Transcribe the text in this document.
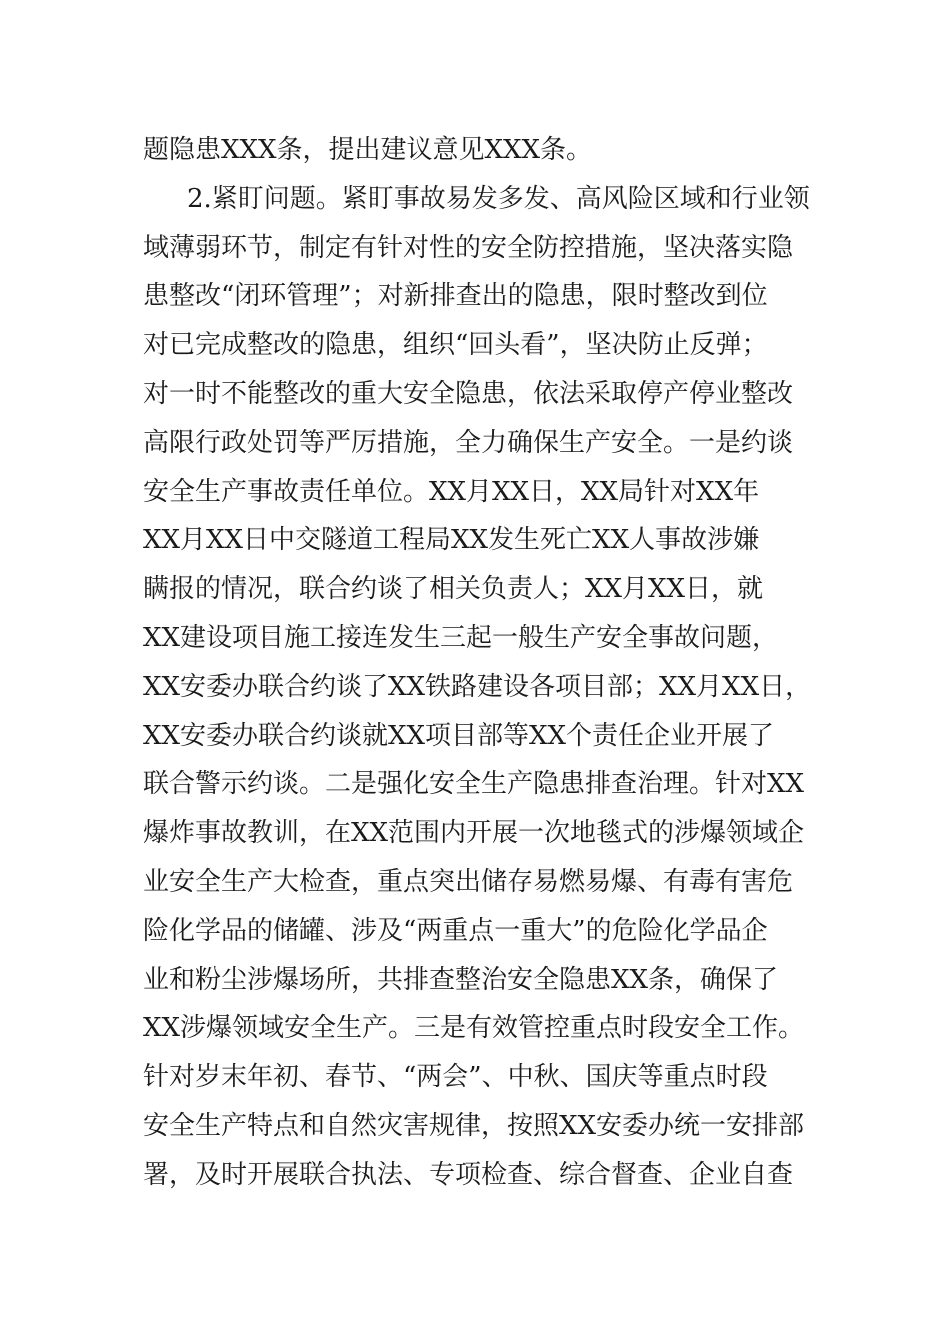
题隐患XXX条，提出建议意见XXX条。
2.紧盯问题。紧盯事故易发多发、高风险区域和行业领
域薄弱环节，制定有针对性的安全防控措施，坚决落实隐
患整改“闭环管理”；对新排查出的隐患，限时整改到位
对已完成整改的隐患，组织“回头看”，坚决防止反弹；
对一时不能整改的重大安全隐患，依法采取停产停业整改
高限行政处罚等严厉措施，全力确保生产安全。一是约谈
安全生产事故责任单位。XX月XX日，XX局针对XX年
XX月XX日中交隧道工程局XX发生死亡XX人事故涉嫌
瞒报的情况，联合约谈了相关负责人；XX月XX日，就
XX建设项目施工接连发生三起一般生产安全事故问题，
XX安委办联合约谈了XX铁路建设各项目部；XX月XX日，
XX安委办联合约谈就XX项目部等XX个责任企业开展了
联合警示约谈。二是强化安全生产隐患排查治理。针对XX
爆炸事故教训，在XX范围内开展一次地毯式的涉爆领域企
业安全生产大检查，重点突出储存易燃易爆、有毒有害危
险化学品的储罐、涉及“两重点一重大”的危险化学品企
业和粉尘涉爆场所，共排查整治安全隐患XX条，确保了
XX涉爆领域安全生产。三是有效管控重点时段安全工作。
针对岁末年初、春节、“两会”、中秋、国庆等重点时段
安全生产特点和自然灾害规律，按照XX安委办统一安排部
署，及时开展联合执法、专项检查、综合督查、企业自查
